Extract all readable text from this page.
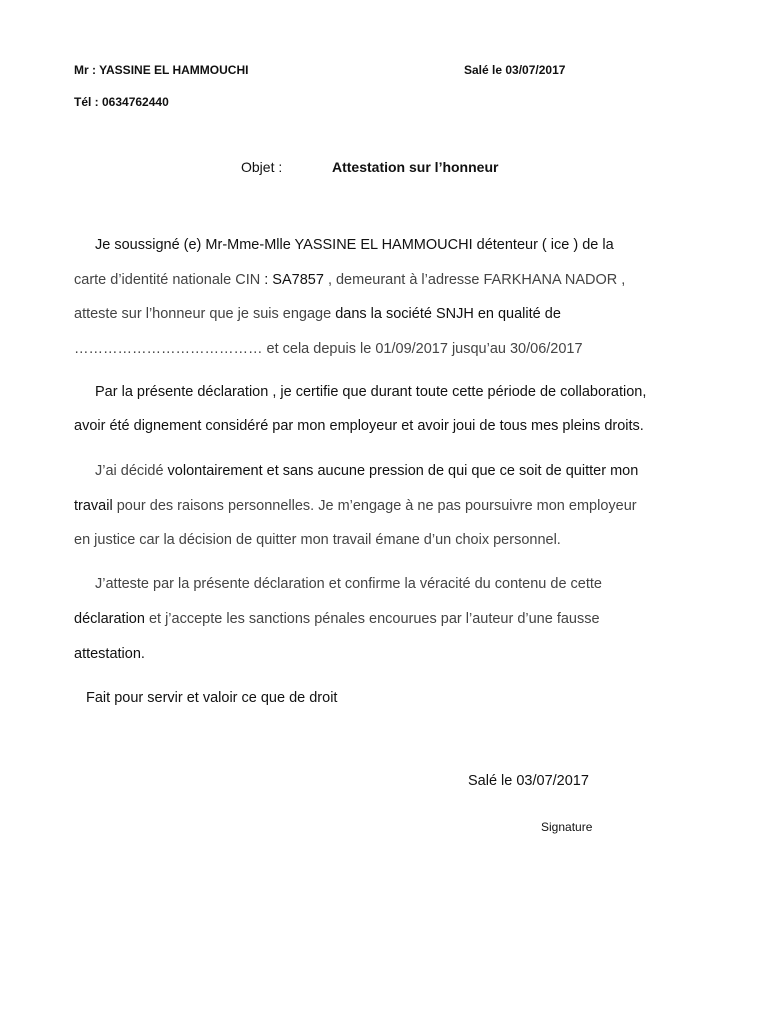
Mr : YASSINE EL HAMMOUCHI	Salé le 03/07/2017
Tél : 0634762440
Objet :	Attestation sur l’honneur
Je soussigné (e) Mr-Mme-Mlle YASSINE EL HAMMOUCHI détenteur ( ice ) de la
carte d’identité nationale CIN : SA7857 , demeurant à l’adresse FARKHANA NADOR ,
atteste sur l’honneur que je suis engage dans la société SNJH en qualité de
………………………………… et cela depuis le 01/09/2017 jusqu’au 30/06/2017
Par la présente déclaration , je certifie que durant toute cette période de collaboration,
avoir été dignement considéré par mon employeur et avoir joui de tous mes pleins droits.
J’ai décidé volontairement et sans aucune pression de qui que ce soit de quitter mon
travail pour des raisons personnelles. Je m’engage à ne pas poursuivre mon employeur
en justice car la décision de quitter mon travail émane d’un choix personnel.
J’atteste par la présente déclaration et confirme la véracité du contenu de cette
déclaration et j’accepte les sanctions pénales encourues par l’auteur d’une fausse
attestation.
Fait pour servir et valoir ce que de droit
Salé le 03/07/2017
Signature
